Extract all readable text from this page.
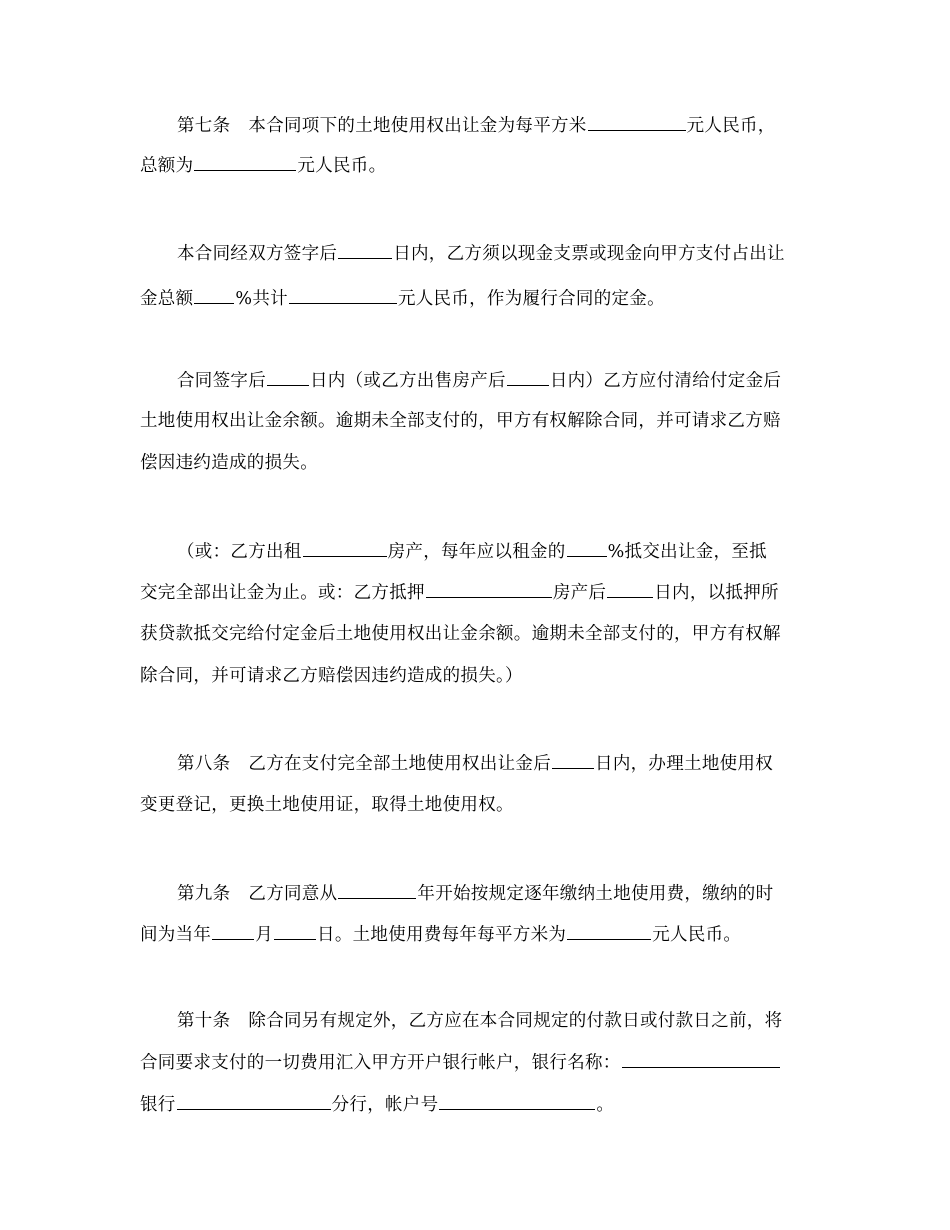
第七条 本合同项下的土地使用权出让金为每平方米	元人民币，
总额为	元人民币。
本合同经双方签字后	日内，乙方须以现金支票或现金向甲方支付占出让
金总额 %共计	元人民币，作为履行合同的定金。
合同签字后	日内（或乙方出售房产后	日内）乙方应付清给付定金后
土地使用权出让金余额。逾期未全部支付的，甲方有权解除合同，并可请求乙方赔
偿因违约造成的损失。
（或：乙方出租	房产，每年应以租金的 %抵交出让金，至抵
交完全部出让金为止。或：乙方抵押	房产后	日内，以抵押所
获贷款抵交完给付定金后土地使用权出让金余额。逾期未全部支付的，甲方有权解
除合同，并可请求乙方赔偿因违约造成的损失。）
第八条 乙方在支付完全部土地使用权出让金后	日内，办理土地使用权
变更登记，更换土地使用证，取得土地使用权。
第九条 乙方同意从	年开始按规定逐年缴纳土地使用费，缴纳的时
间为当年	月	日。土地使用费每年每平方米为	元人民币。
第十条 除合同另有规定外，乙方应在本合同规定的付款日或付款日之前，将
合同要求支付的一切费用汇入甲方开户银行帐户，银行名称：
银行	分行，帐户号	。
